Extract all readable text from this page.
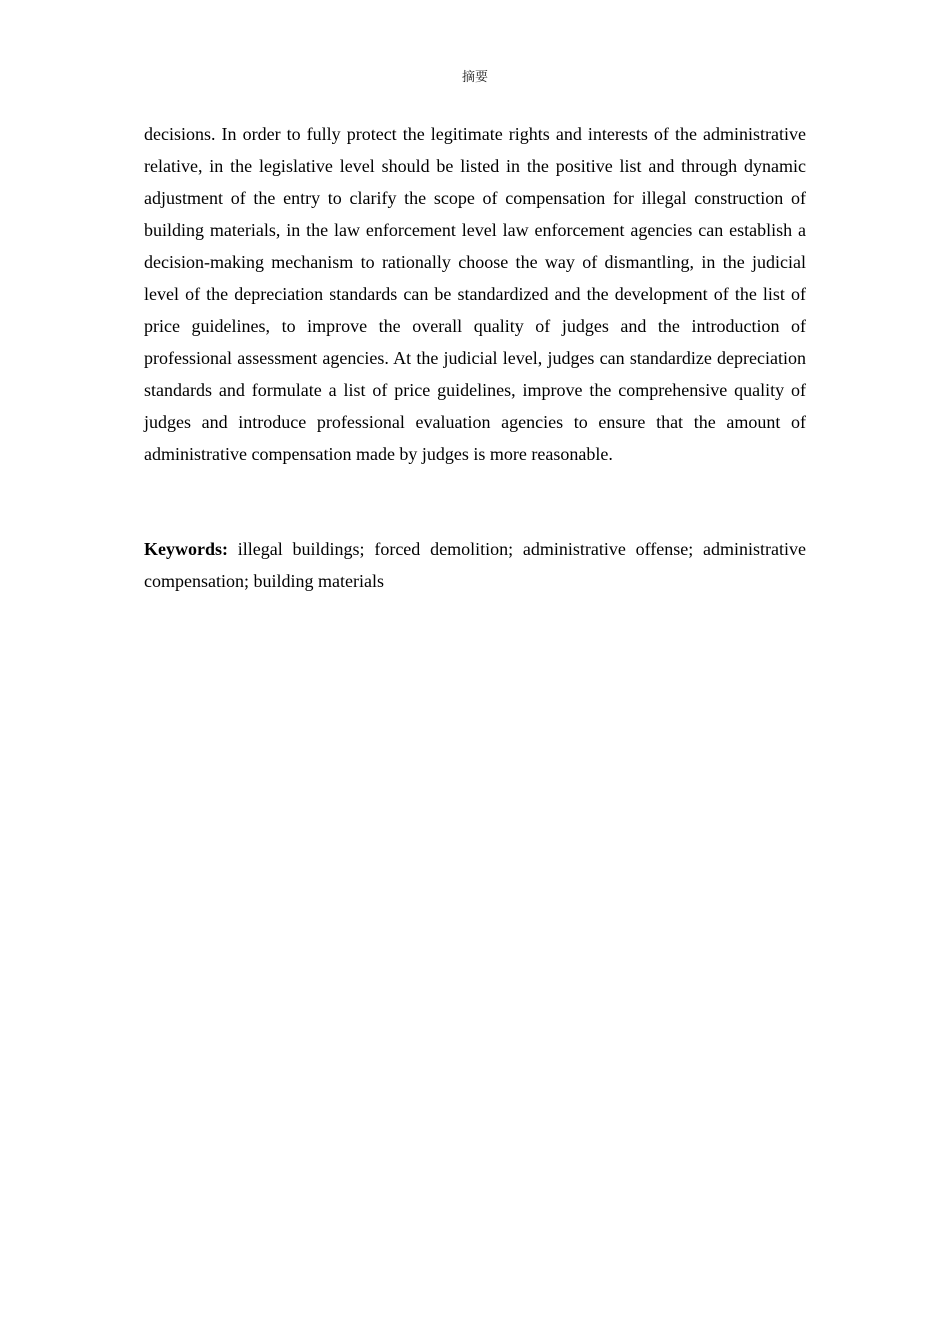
摘要

decisions. In order to fully protect the legitimate rights and interests of the administrative relative, in the legislative level should be listed in the positive list and through dynamic adjustment of the entry to clarify the scope of compensation for illegal construction of building materials, in the law enforcement level law enforcement agencies can establish a decision-making mechanism to rationally choose the way of dismantling, in the judicial level of the depreciation standards can be standardized and the development of the list of price guidelines, to improve the overall quality of judges and the introduction of professional assessment agencies. At the judicial level, judges can standardize depreciation standards and formulate a list of price guidelines, improve the comprehensive quality of judges and introduce professional evaluation agencies to ensure that the amount of administrative compensation made by judges is more reasonable.

Keywords: illegal buildings; forced demolition; administrative offense; administrative compensation; building materials
